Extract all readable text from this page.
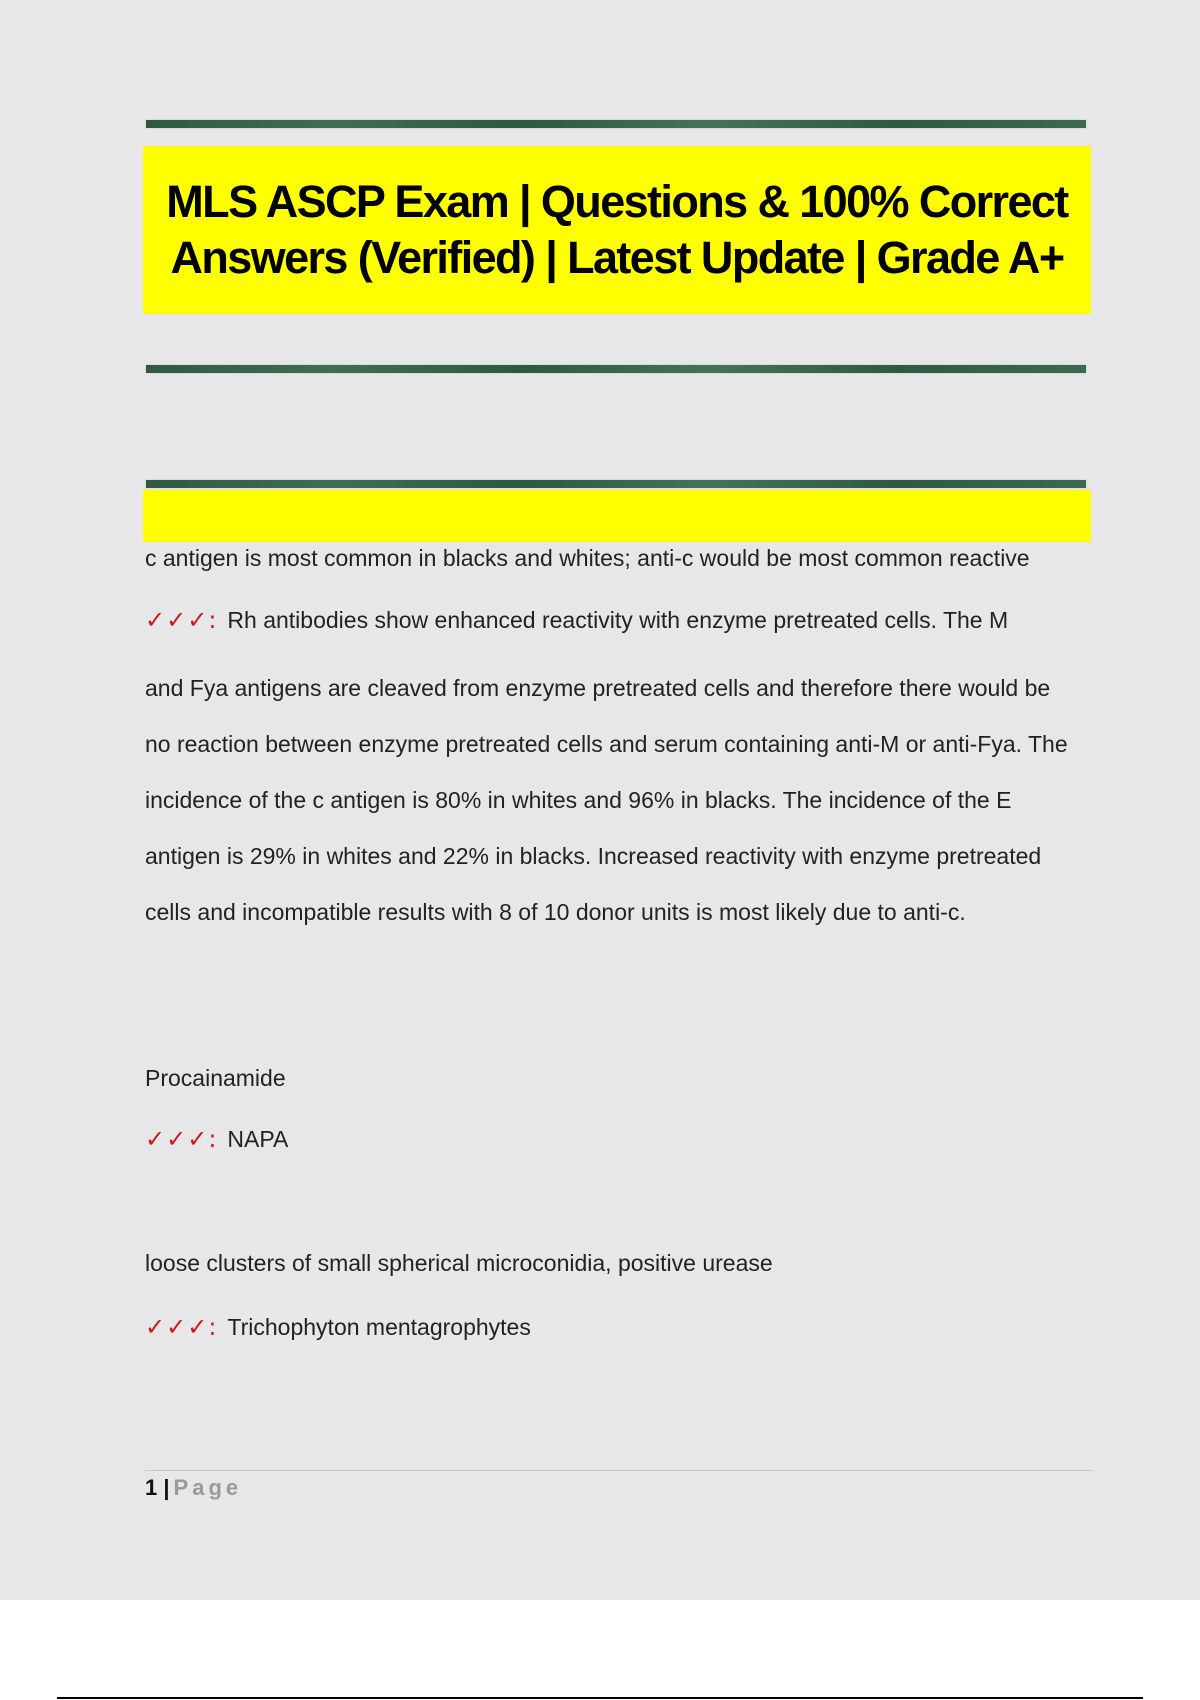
MLS ASCP Exam | Questions & 100% Correct Answers (Verified) | Latest Update | Grade A+

c antigen is most common in blacks and whites; anti-c would be most common reactive

✓✓✓: Rh antibodies show enhanced reactivity with enzyme pretreated cells. The M

and Fya antigens are cleaved from enzyme pretreated cells and therefore there would be no reaction between enzyme pretreated cells and serum containing anti-M or anti-Fya. The incidence of the c antigen is 80% in whites and 96% in blacks. The incidence of the E antigen is 29% in whites and 22% in blacks. Increased reactivity with enzyme pretreated cells and incompatible results with 8 of 10 donor units is most likely due to anti-c.

Procainamide

✓✓✓: NAPA

loose clusters of small spherical microconidia, positive urease

✓✓✓: Trichophyton mentagrophytes

1 | Page
